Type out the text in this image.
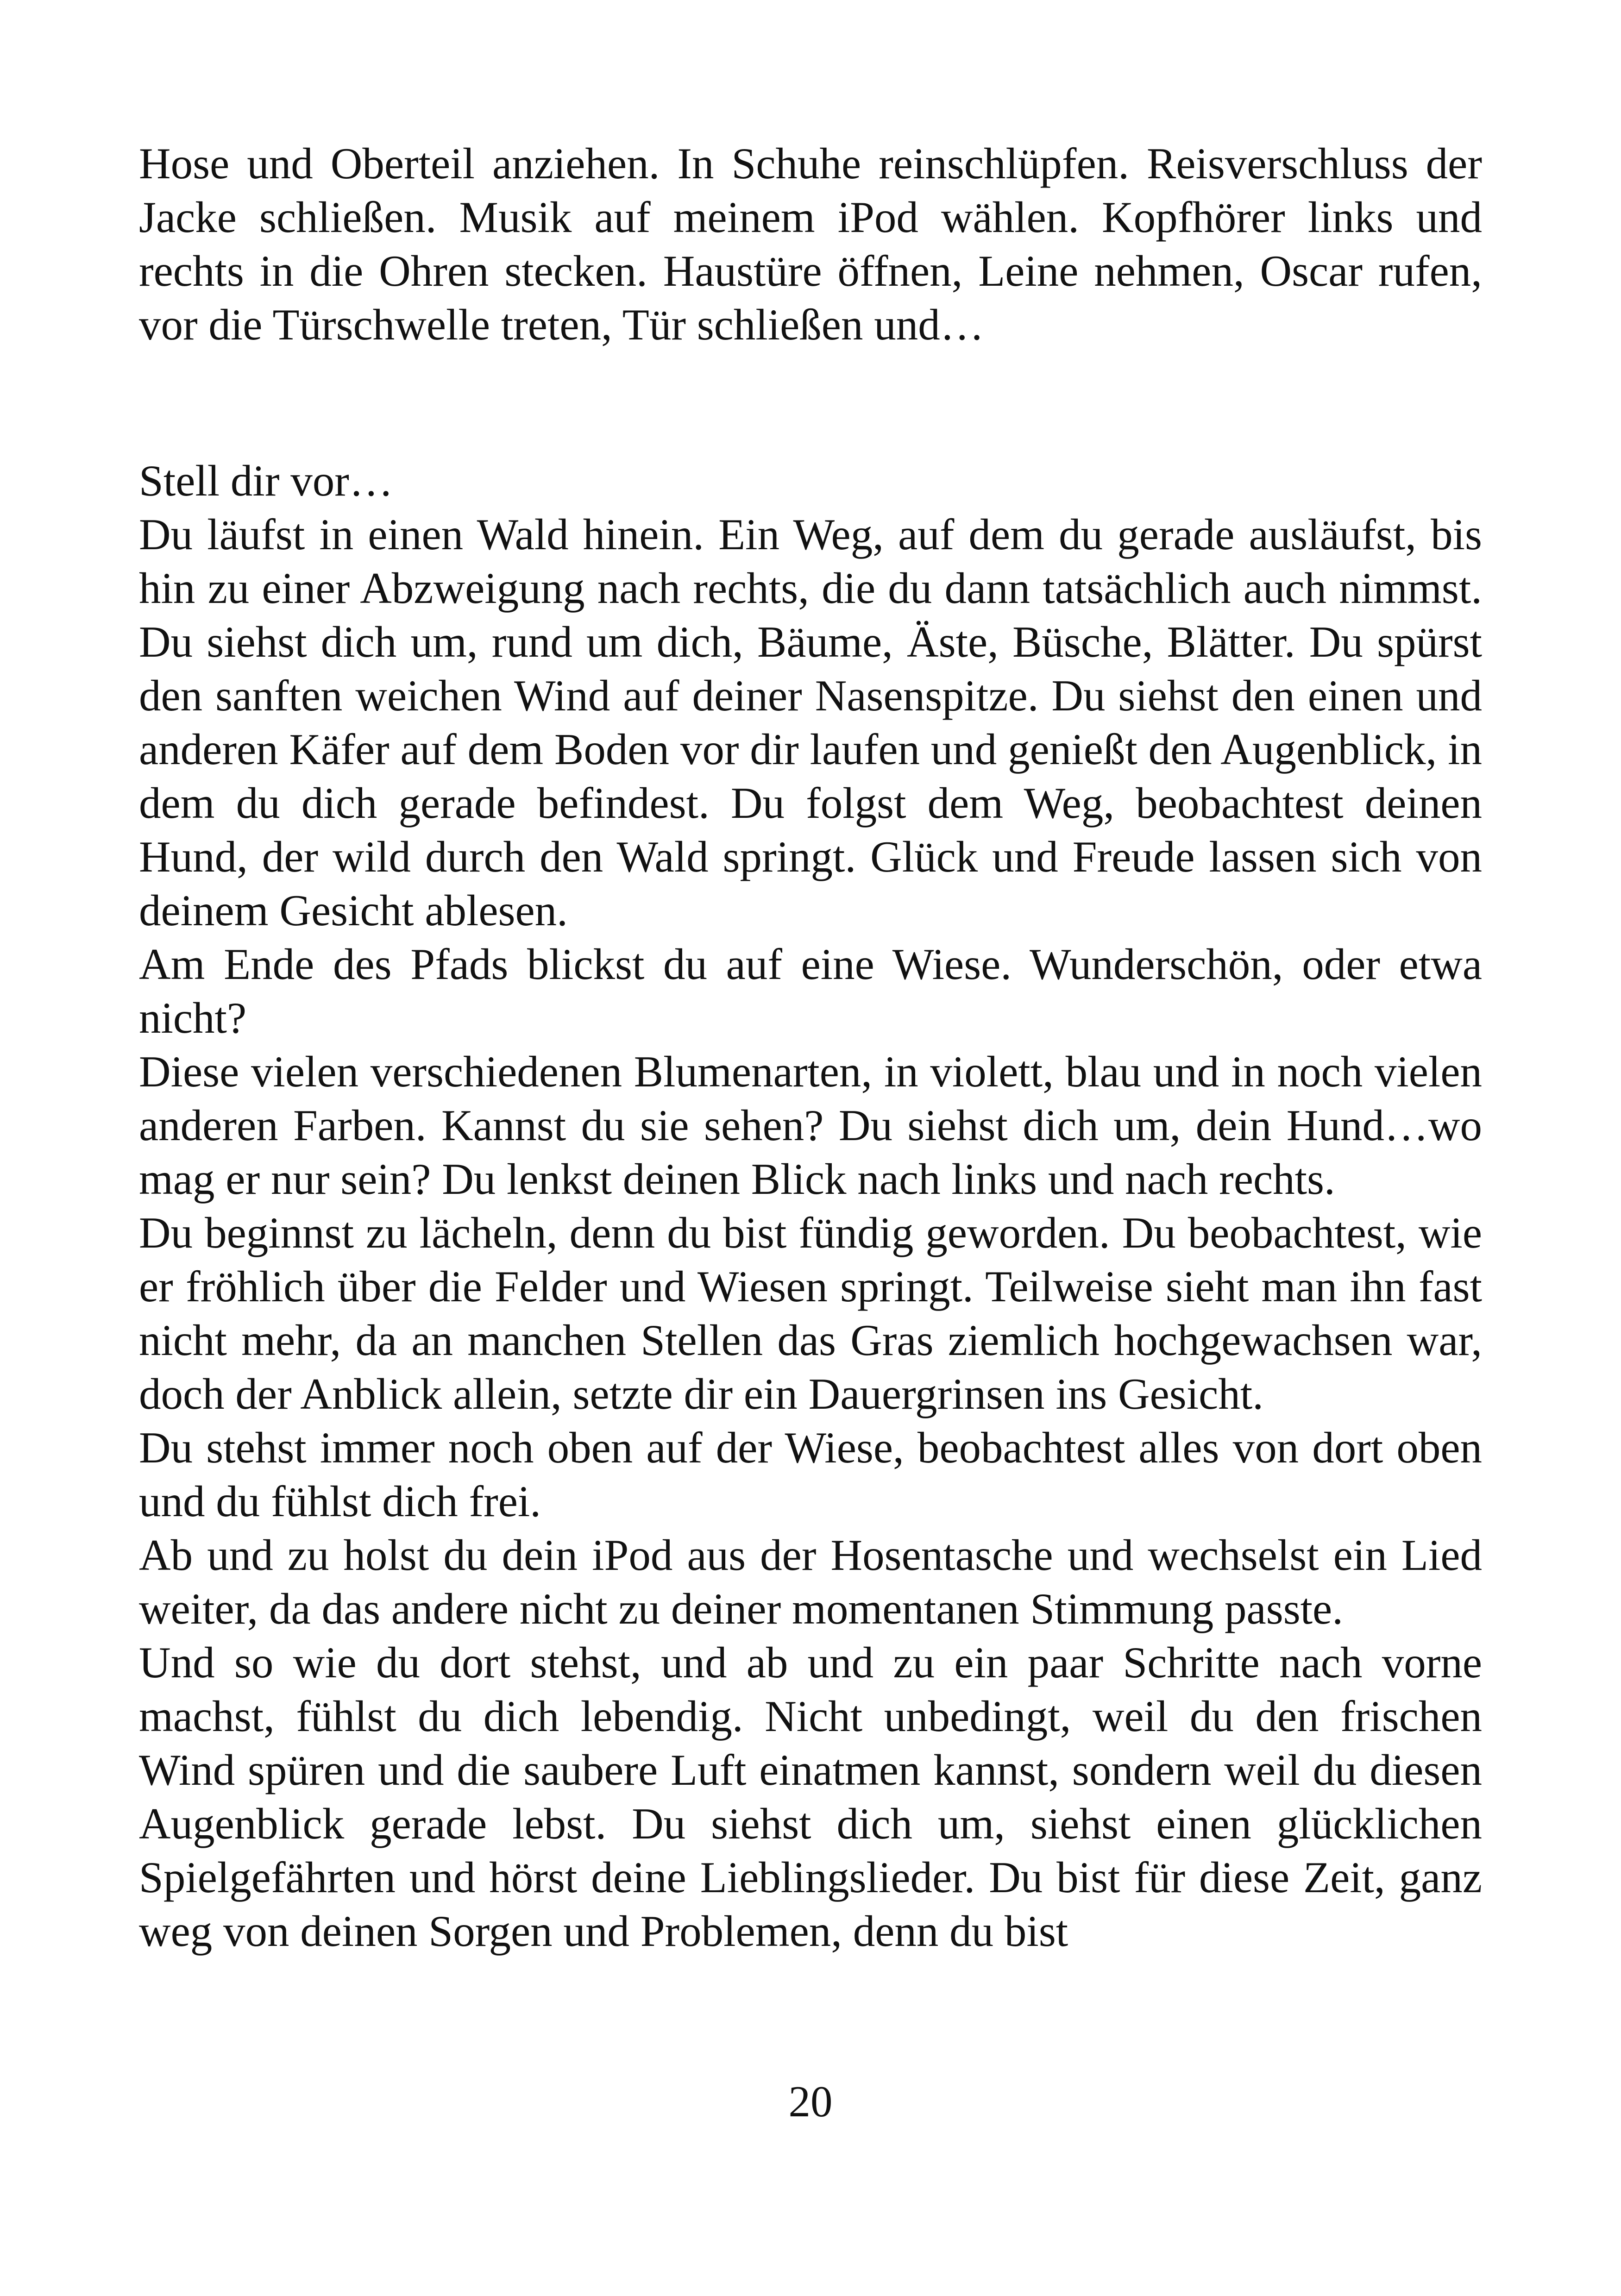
Hose und Oberteil anziehen. In Schuhe reinschlüpfen. Reisverschluss der Jacke schließen. Musik auf meinem iPod wählen. Kopfhörer links und rechts in die Ohren stecken. Haustüre öffnen, Leine nehmen, Oscar rufen, vor die Türschwelle treten, Tür schließen und…

Stell dir vor…

Du läufst in einen Wald hinein. Ein Weg, auf dem du gerade ausläufst, bis hin zu einer Abzweigung nach rechts, die du dann tatsächlich auch nimmst. Du siehst dich um, rund um dich, Bäume, Äste, Büsche, Blätter. Du spürst den sanften weichen Wind auf deiner Nasenspitze. Du siehst den einen und anderen Käfer auf dem Boden vor dir laufen und genießt den Augenblick, in dem du dich gerade befindest. Du folgst dem Weg, beobachtest deinen Hund, der wild durch den Wald springt. Glück und Freude lassen sich von deinem Gesicht ablesen.

Am Ende des Pfads blickst du auf eine Wiese. Wunderschön, oder etwa nicht?

Diese vielen verschiedenen Blumenarten, in violett, blau und in noch vielen anderen Farben. Kannst du sie sehen? Du siehst dich um, dein Hund…wo mag er nur sein? Du lenkst deinen Blick nach links und nach rechts.

Du beginnst zu lächeln, denn du bist fündig geworden. Du beobachtest, wie er fröhlich über die Felder und Wiesen springt. Teilweise sieht man ihn fast nicht mehr, da an manchen Stellen das Gras ziemlich hochgewachsen war, doch der Anblick allein, setzte dir ein Dauergrinsen ins Gesicht.

Du stehst immer noch oben auf der Wiese, beobachtest alles von dort oben und du fühlst dich frei.

Ab und zu holst du dein iPod aus der Hosentasche und wechselst ein Lied weiter, da das andere nicht zu deiner momentanen Stimmung passte.

Und so wie du dort stehst, und ab und zu ein paar Schritte nach vorne machst, fühlst du dich lebendig. Nicht unbedingt, weil du den frischen Wind spüren und die saubere Luft einatmen kannst, sondern weil du diesen Augenblick gerade lebst. Du siehst dich um, siehst einen glücklichen Spielgefährten und hörst deine Lieblingslieder. Du bist für diese Zeit, ganz weg von deinen Sorgen und Problemen, denn du bist

20
